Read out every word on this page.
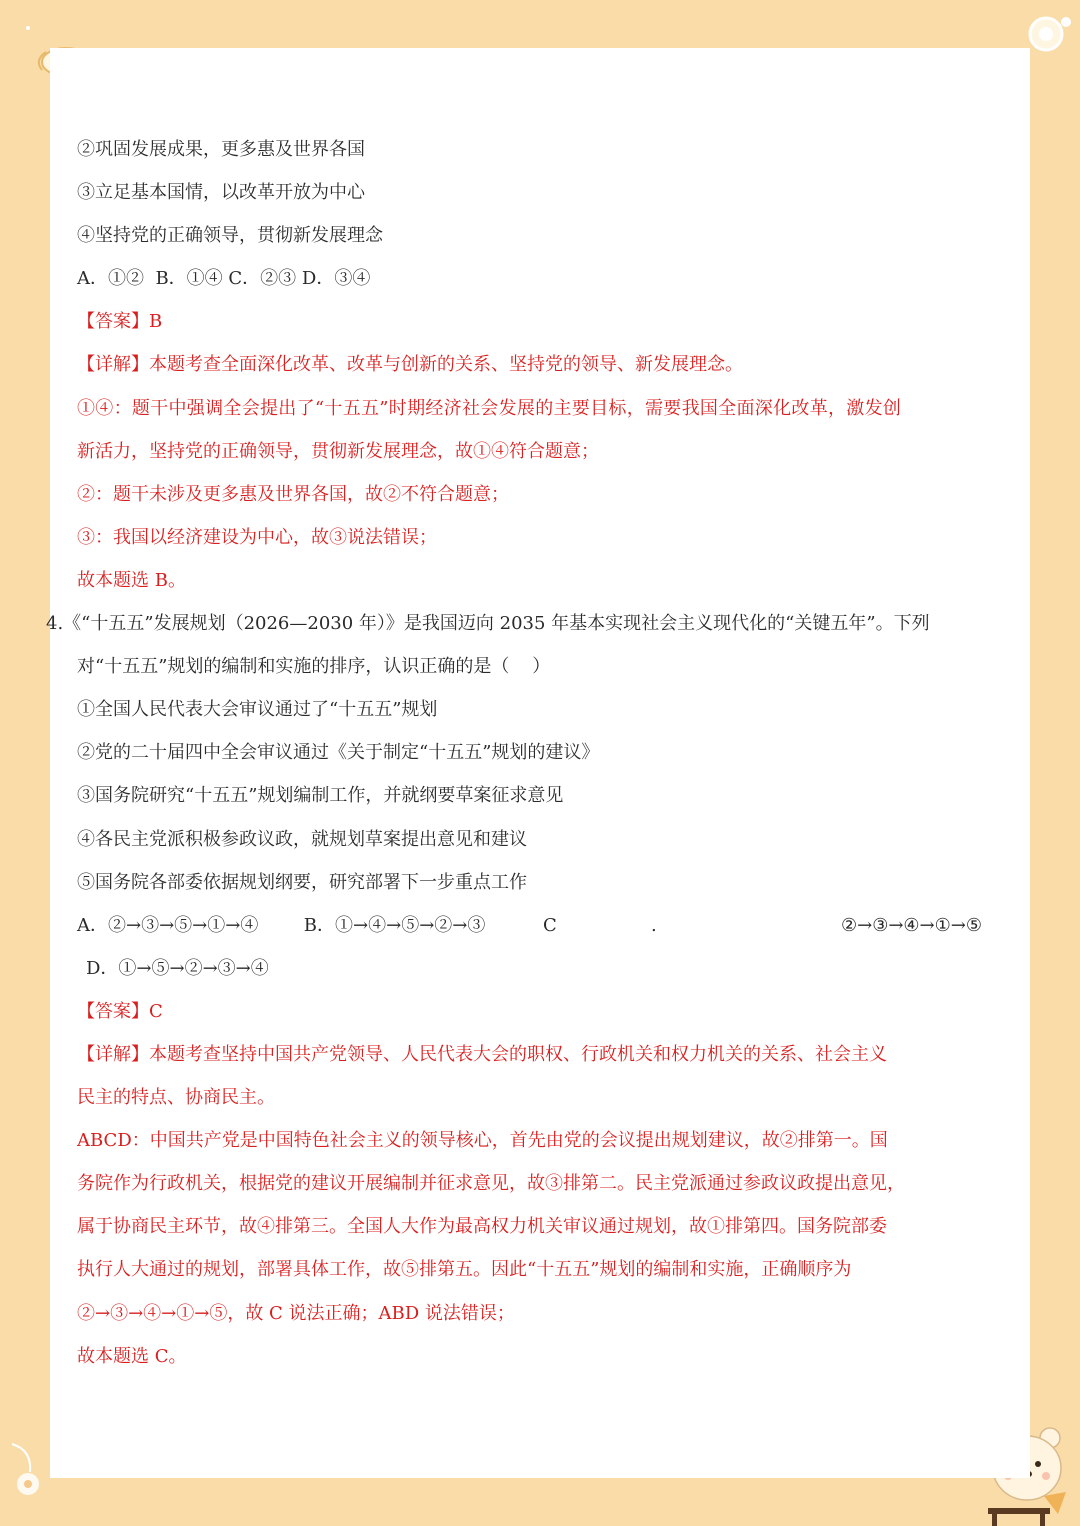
②巩固发展成果，更多惠及世界各国
③立足基本国情，以改革开放为中心
④坚持党的正确领导，贯彻新发展理念
A．①②  B．①④ C．②③ D．③④
【答案】B
【详解】本题考查全面深化改革、改革与创新的关系、坚持党的领导、新发展理念。
①④：题干中强调全会提出了“十五五”时期经济社会发展的主要目标，需要我国全面深化改革，激发创
新活力，坚持党的正确领导，贯彻新发展理念，故①④符合题意；
②：题干未涉及更多惠及世界各国，故②不符合题意；
③：我国以经济建设为中心，故③说法错误；
故本题选 B。
4.《“十五五”发展规划（2026—2030 年）》是我国迈向 2035 年基本实现社会主义现代化的“关键五年”。下列
对“十五五”规划的编制和实施的排序，认识正确的是（    ）
①全国人民代表大会审议通过了“十五五”规划
②党的二十届四中全会审议通过《关于制定“十五五”规划的建议》
③国务院研究“十五五”规划编制工作，并就纲要草案征求意见
④各民主党派积极参政议政，就规划草案提出意见和建议
⑤国务院各部委依据规划纲要，研究部署下一步重点工作
A．②→③→⑤→①→④	B．①→④→⑤→②→③	C	.	②→③→④→①→⑤
D．①→⑤→②→③→④
【答案】C
【详解】本题考查坚持中国共产党领导、人民代表大会的职权、行政机关和权力机关的关系、社会主义
民主的特点、协商民主。
ABCD：中国共产党是中国特色社会主义的领导核心，首先由党的会议提出规划建议，故②排第一。国
务院作为行政机关，根据党的建议开展编制并征求意见，故③排第二。民主党派通过参政议政提出意见，
属于协商民主环节，故④排第三。全国人大作为最高权力机关审议通过规划，故①排第四。国务院部委
执行人大通过的规划，部署具体工作，故⑤排第五。因此“十五五”规划的编制和实施，正确顺序为
②→③→④→①→⑤，故 C 说法正确；ABD 说法错误；
故本题选 C。
